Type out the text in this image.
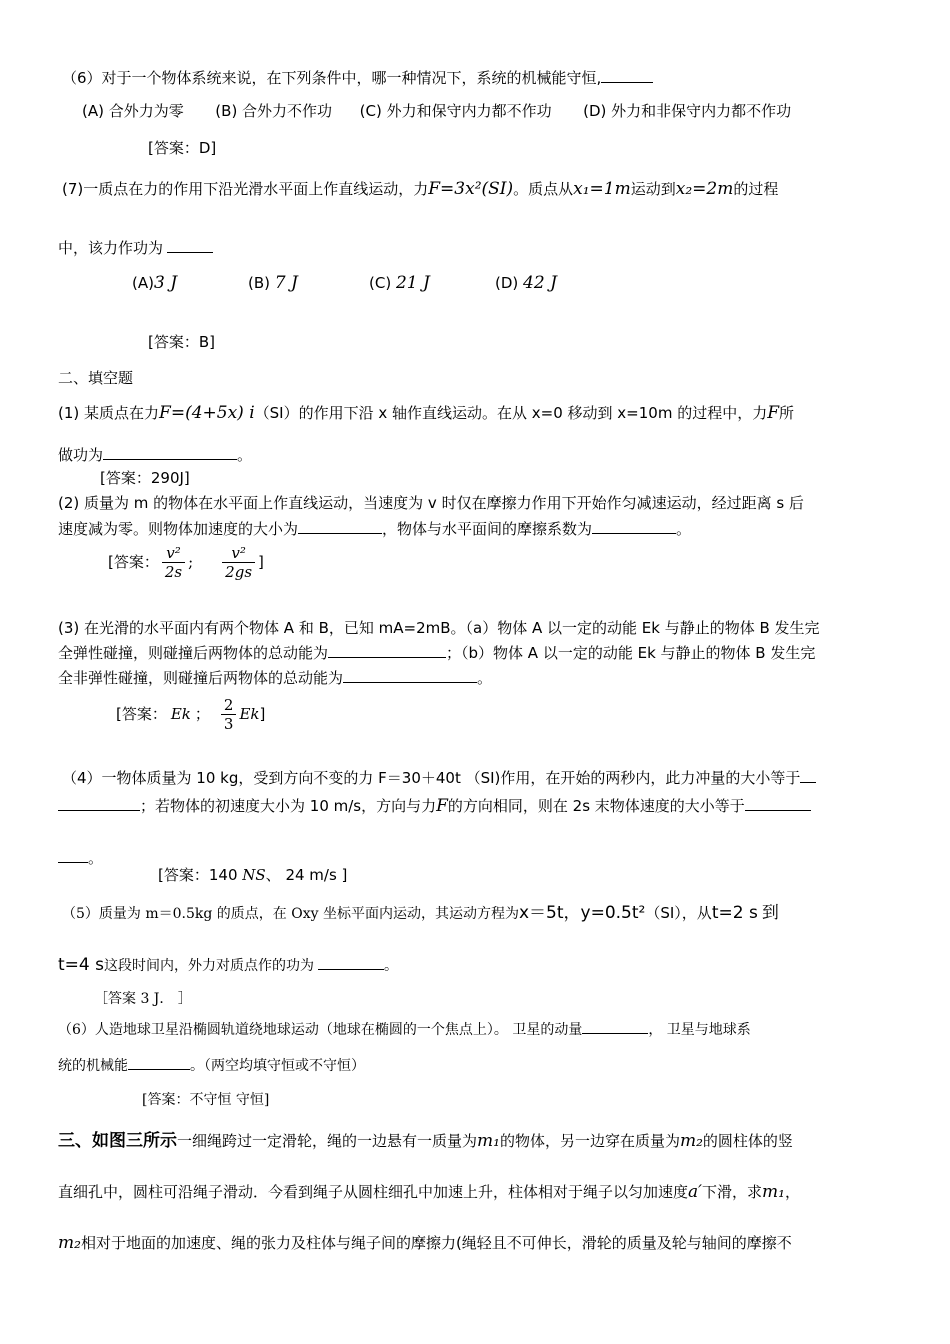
（6）对于一个物体系统来说，在下列条件中，哪一种情况下，系统的机械能守恒,
(A) 合外力为零 (B) 合外力不作功 (C) 外力和保守内力都不作功 (D) 外力和非保守内力都不作功
[答案：D]
(7)一质点在力的作用下沿光滑水平面上作直线运动，力F=3x²(SI)。质点从x₁=1m运动到x₂=2m的过程
中，该力作功为
(A)3 J	(B) 7 J	(C) 21 J	(D) 42 J
[答案：B]
二、填空题
(1) 某质点在力F=(4+5x) i（SI）的作用下沿 x 轴作直线运动。在从 x=0 移动到 x=10m 的过程中，力F所
做功为	。
[答案：290J]
(2) 质量为 m 的物体在水平面上作直线运动，当速度为 v 时仅在摩擦力作用下开始作匀减速运动，经过距离 s 后
速度减为零。则物体加速度的大小为	，物体与水平面间的摩擦系数为	。
[答案： $\frac{\text{v²}}{2s}$ ; $\frac{\text{v²}}{2gs}$ ]
(3) 在光滑的水平面内有两个物体 A 和 B，已知 mA=2mB。（a）物体 A 以一定的动能 Ek 与静止的物体 B 发生完
全弹性碰撞，则碰撞后两物体的总动能为	；（b）物体 A 以一定的动能 Ek 与静止的物体 B 发生完
全非弹性碰撞，则碰撞后两物体的总动能为	。
[答案： Ek ； $\frac{2}{3} Ek$]
（4）一物体质量为 10 kg，受到方向不变的力 F＝30＋40t （SI)作用，在开始的两秒内，此力冲量的大小等于
；若物体的初速度大小为 10 m/s，方向与力F的方向相同，则在 2s 末物体速度的大小等于
。
[答案：140 NS、 24 m/s ]
（5）质量为 m＝0.5kg 的质点，在 Oxy 坐标平面内运动，其运动方程为x＝5t，y=0.5t²（SI），从t=2 s 到
t=4 s这段时间内，外力对质点作的功为	。
［答案 3 J． ］
（6）人造地球卫星沿椭圆轨道绕地球运动（地球在椭圆的一个焦点上）。 卫星的动量	， 卫星与地球系
统的机械能	。（两空均填守恒或不守恒）
[答案：不守恒 守恒]
三、如图三所示一细绳跨过一定滑轮，绳的一边悬有一质量为m₁的物体，另一边穿在质量为m₂的圆柱体的竖
直细孔中，圆柱可沿绳子滑动．今看到绳子从圆柱细孔中加速上升，柱体相对于绳子以匀加速度a′下滑，求m₁，
m₂相对于地面的加速度、绳的张力及柱体与绳子间的摩擦力(绳轻且不可伸长，滑轮的质量及轮与轴间的摩擦不
